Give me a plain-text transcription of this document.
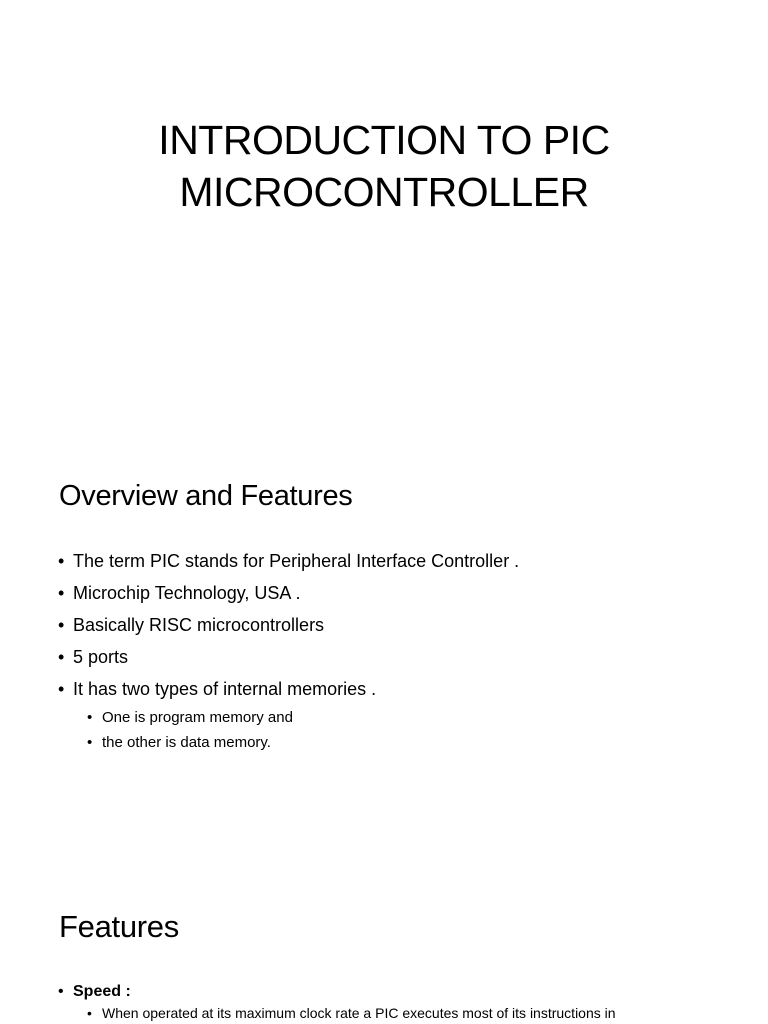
INTRODUCTION TO PIC
MICROCONTROLLER
Overview and Features
• The term PIC stands for Peripheral Interface Controller .
• Microchip Technology, USA .
• Basically RISC microcontrollers
• 5 ports
• It has two types of internal memories .
• One is program memory and
• the other is data memory.
Features
• Speed :
• When operated at its maximum clock rate a PIC executes most of its instructions in
